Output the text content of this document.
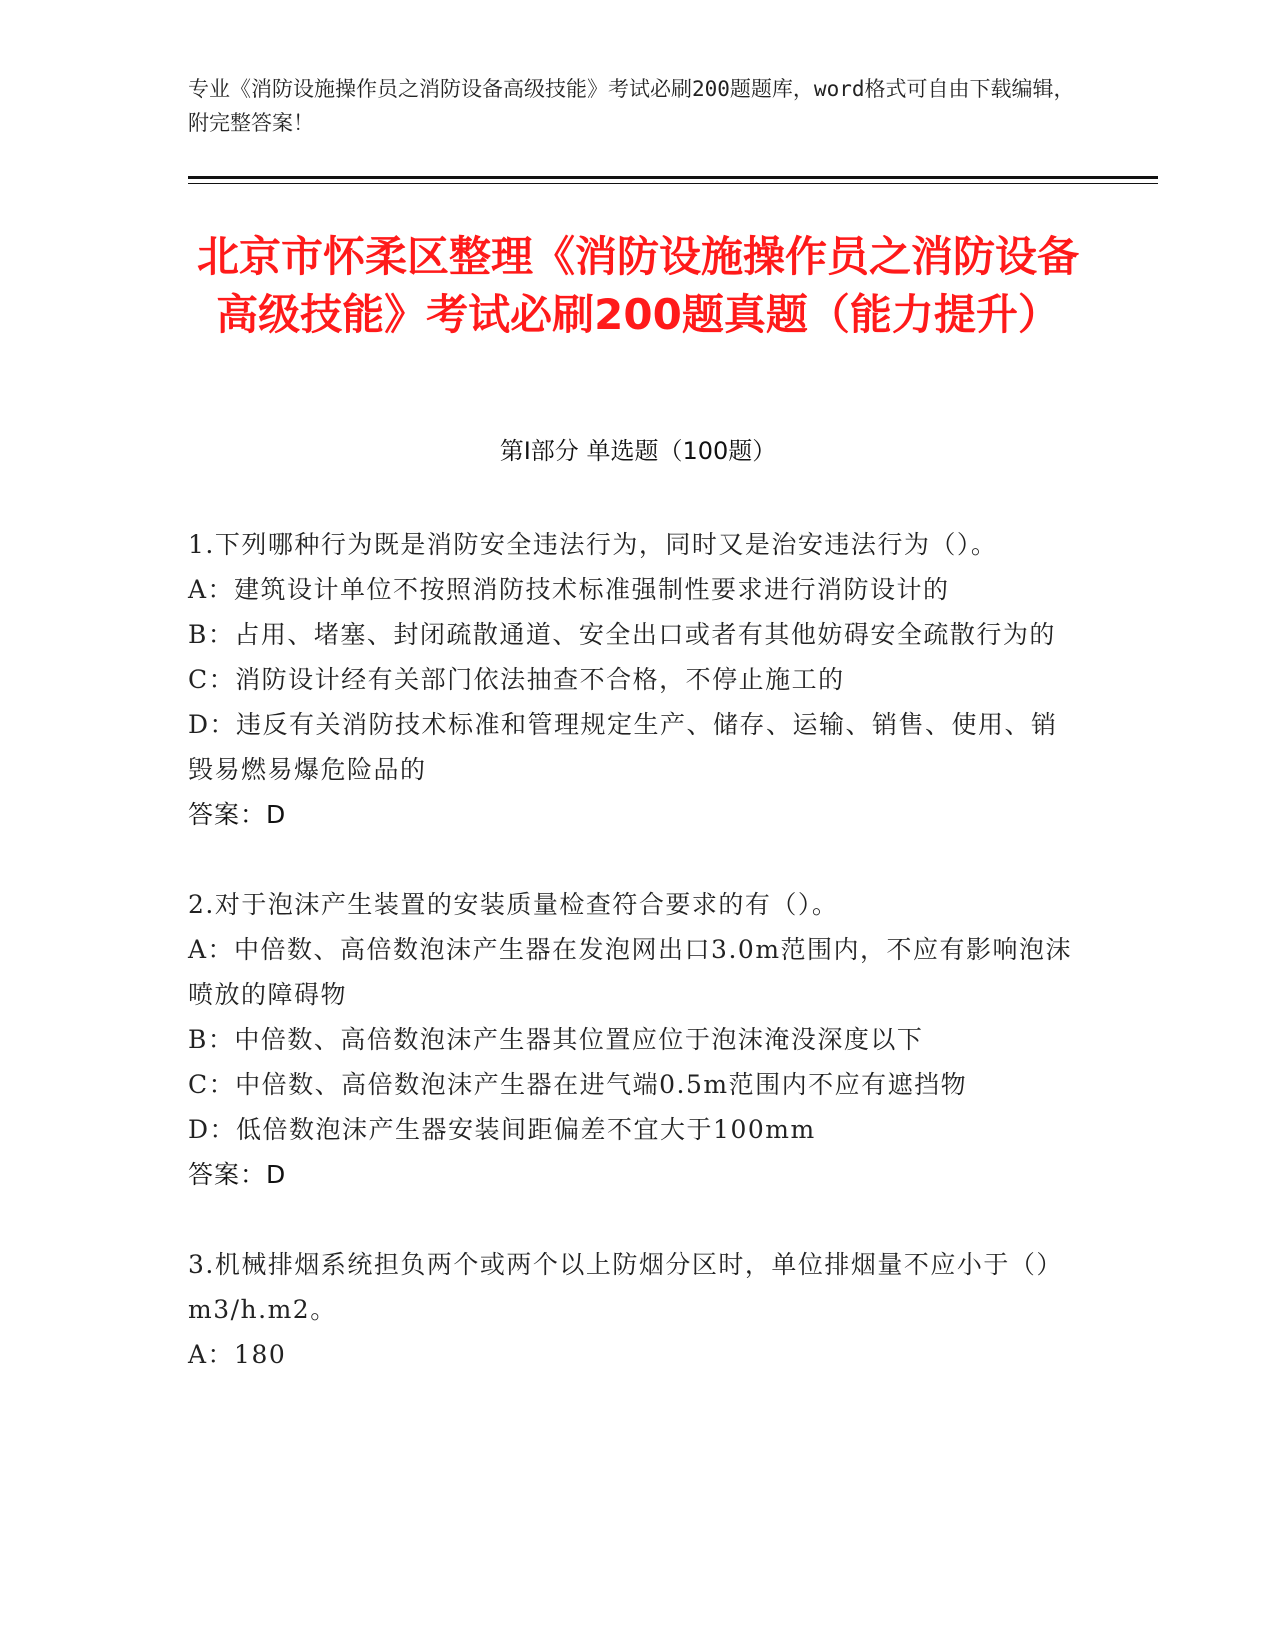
专业《消防设施操作员之消防设备高级技能》考试必刷200题题库，word格式可自由下载编辑，附完整答案！
北京市怀柔区整理《消防设施操作员之消防设备高级技能》考试必刷200题真题（能力提升）
第Ⅰ部分 单选题（100题）
1.下列哪种行为既是消防安全违法行为，同时又是治安违法行为（）。
A：建筑设计单位不按照消防技术标准强制性要求进行消防设计的
B：占用、堵塞、封闭疏散通道、安全出口或者有其他妨碍安全疏散行为的
C：消防设计经有关部门依法抽查不合格，不停止施工的
D：违反有关消防技术标准和管理规定生产、储存、运输、销售、使用、销毁易燃易爆危险品的
答案：D
2.对于泡沫产生装置的安装质量检查符合要求的有（）。
A：中倍数、高倍数泡沫产生器在发泡网出口3.0m范围内，不应有影响泡沫喷放的障碍物
B：中倍数、高倍数泡沫产生器其位置应位于泡沫淹没深度以下
C：中倍数、高倍数泡沫产生器在进气端0.5m范围内不应有遮挡物
D：低倍数泡沫产生器安装间距偏差不宜大于100mm
答案：D
3.机械排烟系统担负两个或两个以上防烟分区时，单位排烟量不应小于（）m3/h.m2。
A：180
